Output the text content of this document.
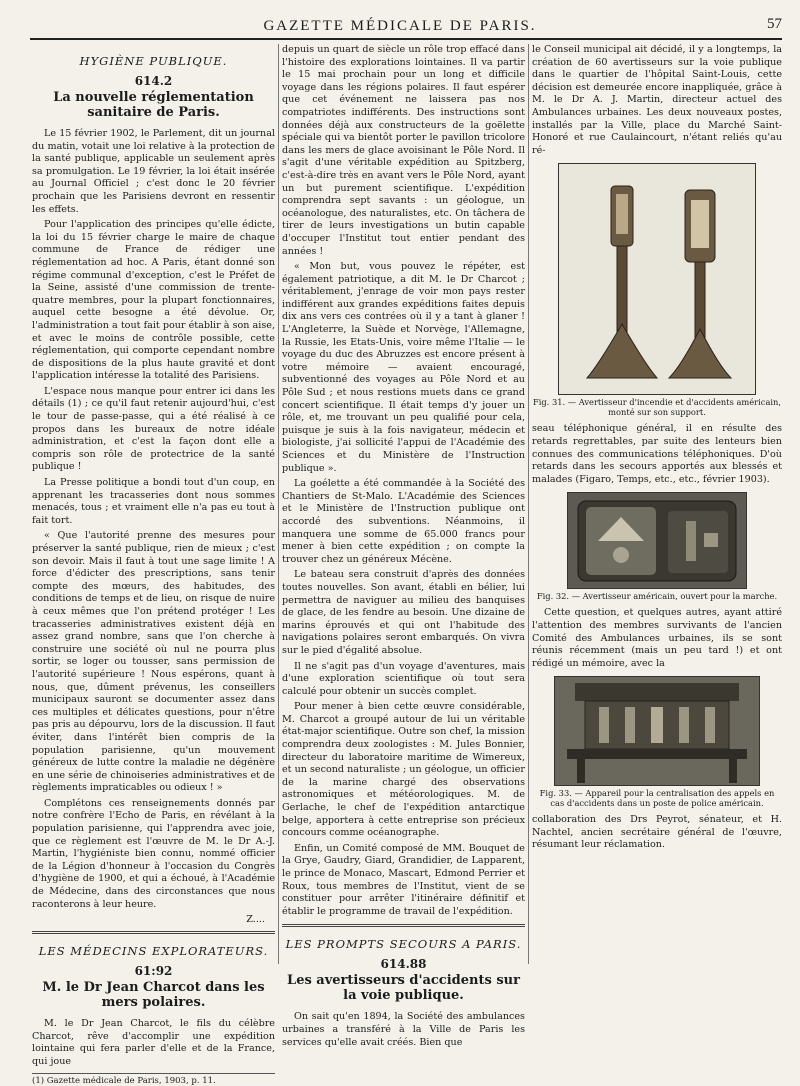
GAZETTE MÉDICALE DE PARIS.	57
HYGIÈNE PUBLIQUE.
614.2
La nouvelle réglementation sanitaire de Paris.

Le 15 février 1902, le Parlement, dit un journal du matin, votait une loi relative à la protection de la santé publique, applicable un seulement après sa promulgation. Le 19 février, la loi était insérée au Journal Officiel ; c'est donc le 20 février prochain que les Parisiens devront en ressentir les effets.

Pour l'application des principes qu'elle édicte, la loi du 15 février charge le maire de chaque commune de France de rédiger une réglementation ad hoc. A Paris, étant donné son régime communal d'exception, c'est le Préfet de la Seine, assisté d'une commission de trente-quatre membres, pour la plupart fonctionnaires, auquel cette besogne a été dévolue. Or, l'administration a tout fait pour établir à son aise, et avec le moins de contrôle possible, cette réglementation, qui comporte cependant nombre de dispositions de la plus haute gravité et dont l'application intéresse la totalité des Parisiens.

L'espace nous manque pour entrer ici dans les détails (1) ; ce qu'il faut retenir aujourd'hui, c'est le tour de passe-passe, qui a été réalisé à ce propos dans les bureaux de notre idéale administration, et c'est la façon dont elle a compris son rôle de protectrice de la santé publique !

La Presse politique a bondi tout d'un coup, en apprenant les tracasseries dont nous sommes menacés, tous ; et vraiment elle n'a pas eu tout à fait tort.

« Que l'autorité prenne des mesures pour préserver la santé publique, rien de mieux ; c'est son devoir. Mais il faut à tout une sage limite ! A force d'édicter des prescriptions, sans tenir compte des mœurs, des habitudes, des conditions de temps et de lieu, on risque de nuire à ceux mêmes que l'on prétend protéger ! Les tracasseries administratives existent déjà en assez grand nombre, sans que l'on cherche à construire une société où nul ne pourra plus sortir, se loger ou tousser, sans permission de l'autorité supérieure ! Nous espérons, quant à nous, que, dûment prévenus, les conseillers municipaux sauront se documenter assez dans ces multiples et délicates questions, pour n'être pas pris au dépourvu, lors de la discussion. Il faut éviter, dans l'intérêt bien compris de la population parisienne, qu'un mouvement généreux de lutte contre la maladie ne dégénère en une série de chinoiseries administratives et de règlements impraticables ou odieux ! »

Complétons ces renseignements donnés par notre confrère l'Echo de Paris, en révélant à la population parisienne, qui l'apprendra avec joie, que ce règlement est l'œuvre de M. le Dr A.-J. Martin, l'hygiéniste bien connu, nommé officier de la Légion d'honneur à l'occasion du Congrès d'hygiène de 1900, et qui a échoué, à l'Académie de Médecine, dans des circonstances que nous raconterons à leur heure.

Z....
LES MÉDECINS EXPLORATEURS.
61:92
M. le Dr Jean Charcot dans les mers polaires.

M. le Dr Jean Charcot, le fils du célèbre Charcot, rêve d'accomplir une expédition lointaine qui fera parler d'elle et de la France, qui joue

(1) Gazette médicale de Paris, 1903, p. 11.

depuis un quart de siècle un rôle trop effacé dans l'histoire des explorations lointaines. Il va partir le 15 mai prochain pour un long et difficile voyage dans les régions polaires. Il faut espérer que cet événement ne laissera pas nos compatriotes indifférents. Des instructions sont données déjà aux constructeurs de la goëlette spéciale qui va bientôt porter le pavillon tricolore dans les mers de glace avoisinant le Pôle Nord. Il s'agit d'une véritable expédition au Spitzberg, c'est-à-dire très en avant vers le Pôle Nord, ayant un but purement scientifique. L'expédition comprendra sept savants : un géologue, un océanologue, des naturalistes, etc. On tâchera de tirer de leurs investigations un butin capable d'occuper l'Institut tout entier pendant des années !

« Mon but, vous pouvez le répéter, est également patriotique, a dit M. le Dr Charcot ; véritablement, j'enrage de voir mon pays rester indifférent aux grandes expéditions faites depuis dix ans vers ces contrées où il y a tant à glaner ! L'Angleterre, la Suède et Norvège, l'Allemagne, la Russie, les Etats-Unis, voire même l'Italie — le voyage du duc des Abruzzes est encore présent à votre mémoire — avaient encouragé, subventionné des voyages au Pôle Nord et au Pôle Sud ; et nous restions muets dans ce grand concert scientifique. Il était temps d'y jouer un rôle, et, me trouvant un peu qualifié pour cela, puisque je suis à la fois navigateur, médecin et biologiste, j'ai sollicité l'appui de l'Académie des Sciences et du Ministère de l'Instruction publique ».

La goélette a été commandée à la Société des Chantiers de St-Malo. L'Académie des Sciences et le Ministère de l'Instruction publique ont accordé des subventions. Néanmoins, il manquera une somme de 65.000 francs pour mener à bien cette expédition ; on compte la trouver chez un généreux Mécène.

Le bateau sera construit d'après des données toutes nouvelles. Son avant, établi en bélier, lui permettra de naviguer au milieu des banquises de glace, de les fendre au besoin. Une dizaine de marins éprouvés et qui ont l'habitude des navigations polaires seront embarqués. On vivra sur le pied d'égalité absolue.

Il ne s'agit pas d'un voyage d'aventures, mais d'une exploration scientifique où tout sera calculé pour obtenir un succès complet.

Pour mener à bien cette œuvre considérable, M. Charcot a groupé autour de lui un véritable état-major scientifique. Outre son chef, la mission comprendra deux zoologistes : M. Jules Bonnier, directeur du laboratoire maritime de Wimereux, et un second naturaliste ; un géologue, un officier de la marine chargé des observations astronomiques et météorologiques. M. de Gerlache, le chef de l'expédition antarctique belge, apportera à cette entreprise son précieux concours comme océanographe.

Enfin, un Comité composé de MM. Bouquet de la Grye, Gaudry, Giard, Grandidier, de Lapparent, le prince de Monaco, Mascart, Edmond Perrier et Roux, tous membres de l'Institut, vient de se constituer pour arrêter l'itinéraire définitif et établir le programme de travail de l'expédition.

LES PROMPTS SECOURS A PARIS.
614.88
Les avertisseurs d'accidents sur la voie publique.

On sait qu'en 1894, la Société des ambulances urbaines a transféré à la Ville de Paris les services qu'elle avait créés. Bien que

le Conseil municipal ait décidé, il y a longtemps, la création de 60 avertisseurs sur la voie publique dans le quartier de l'hôpital Saint-Louis, cette décision est demeurée encore inappliquée, grâce à M. le Dr A. J. Martin, directeur actuel des Ambulances urbaines. Les deux nouveaux postes, installés par la Ville, place du Marché Saint-Honoré et rue Caulaincourt, n'étant reliés qu'au ré-

Fig. 31. — Avertisseur d'incendie et d'accidents américain, monté sur son support.

seau téléphonique général, il en résulte des retards regrettables, par suite des lenteurs bien connues des communications téléphoniques. D'où retards dans les secours apportés aux blessés et malades (Figaro, Temps, etc., etc., février 1903).

Fig. 32. — Avertisseur américain, ouvert pour la marche.

Cette question, et quelques autres, ayant attiré l'attention des membres survivants de l'ancien Comité des Ambulances urbaines, ils se sont réunis récemment (mais un peu tard !) et ont rédigé un mémoire, avec la

Fig. 33. — Appareil pour la centralisation des appels en cas d'accidents dans un poste de police américain.

collaboration des Drs Peyrot, sénateur, et H. Nachtel, ancien secrétaire général de l'œuvre, résumant leur réclamation.
